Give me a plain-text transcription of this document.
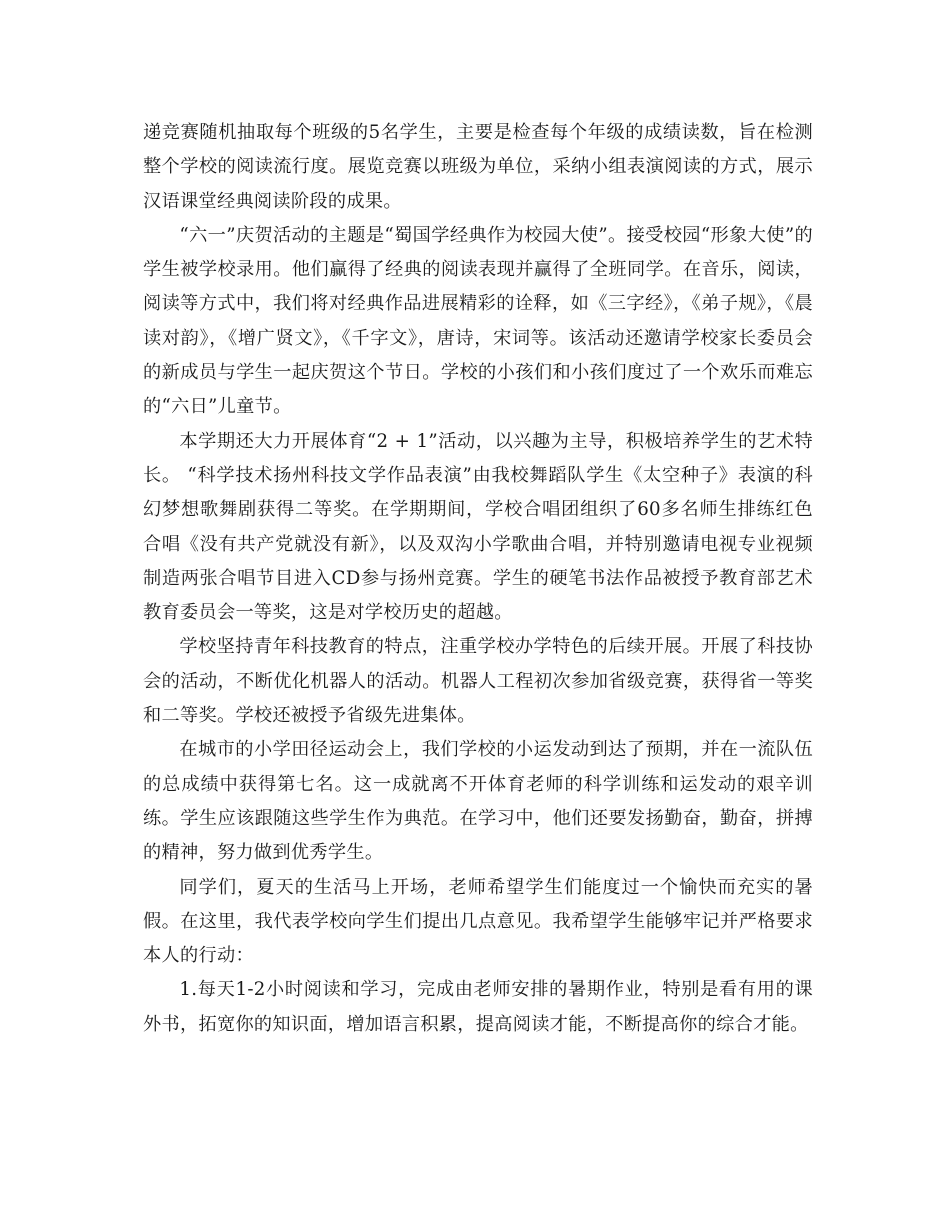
递竞赛随机抽取每个班级的5名学生，主要是检查每个年级的成绩读数，旨在检测整个学校的阅读流行度。展览竞赛以班级为单位，采纳小组表演阅读的方式，展示汉语课堂经典阅读阶段的成果。

“六一”庆贺活动的主题是“蜀国学经典作为校园大使”。接受校园“形象大使”的学生被学校录用。他们赢得了经典的阅读表现并赢得了全班同学。在音乐，阅读，阅读等方式中，我们将对经典作品进展精彩的诠释，如《三字经》，《弟子规》，《晨读对韵》，《增广贤文》，《千字文》，唐诗，宋词等。该活动还邀请学校家长委员会的新成员与学生一起庆贺这个节日。学校的小孩们和小孩们度过了一个欢乐而难忘的“六日”儿童节。

本学期还大力开展体育“2 + 1”活动，以兴趣为主导，积极培养学生的艺术特长。 “科学技术扬州科技文学作品表演”由我校舞蹈队学生《太空种子》表演的科幻梦想歌舞剧获得二等奖。在学期期间，学校合唱团组织了60多名师生排练红色合唱《没有共产党就没有新》，以及双沟小学歌曲合唱，并特别邀请电视专业视频制造两张合唱节目进入CD参与扬州竞赛。学生的硬笔书法作品被授予教育部艺术教育委员会一等奖，这是对学校历史的超越。

学校坚持青年科技教育的特点，注重学校办学特色的后续开展。开展了科技协会的活动，不断优化机器人的活动。机器人工程初次参加省级竞赛，获得省一等奖和二等奖。学校还被授予省级先进集体。

在城市的小学田径运动会上，我们学校的小运发动到达了预期，并在一流队伍的总成绩中获得第七名。这一成就离不开体育老师的科学训练和运发动的艰辛训练。学生应该跟随这些学生作为典范。在学习中，他们还要发扬勤奋，勤奋，拼搏的精神，努力做到优秀学生。

同学们，夏天的生活马上开场，老师希望学生们能度过一个愉快而充实的暑假。在这里，我代表学校向学生们提出几点意见。我希望学生能够牢记并严格要求本人的行动：

1.每天1-2小时阅读和学习，完成由老师安排的暑期作业，特别是看有用的课外书，拓宽你的知识面，增加语言积累，提高阅读才能，不断提高你的综合才能。
